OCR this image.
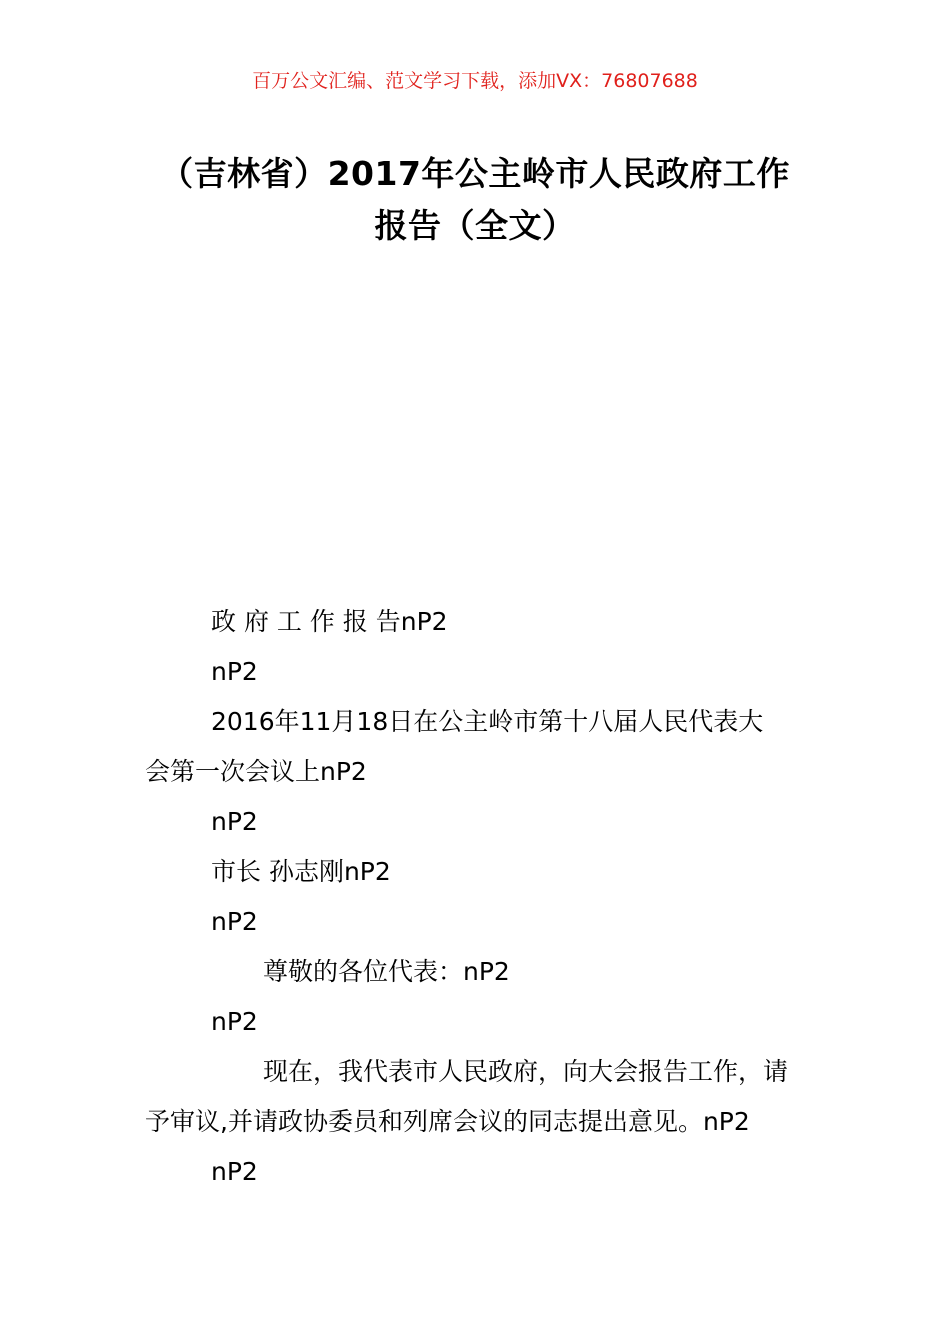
百万公文汇编、范文学习下载，添加VX：76807688
（吉林省）2017年公主岭市人民政府工作
报告（全文）
政 府 工 作 报 告nP2
nP2
2016年11月18日在公主岭市第十八届人民代表大
会第一次会议上nP2
nP2
市长 孙志刚nP2
nP2
尊敬的各位代表：nP2
nP2
现在，我代表市人民政府，向大会报告工作，请
予审议,并请政协委员和列席会议的同志提出意见。nP2
nP2
